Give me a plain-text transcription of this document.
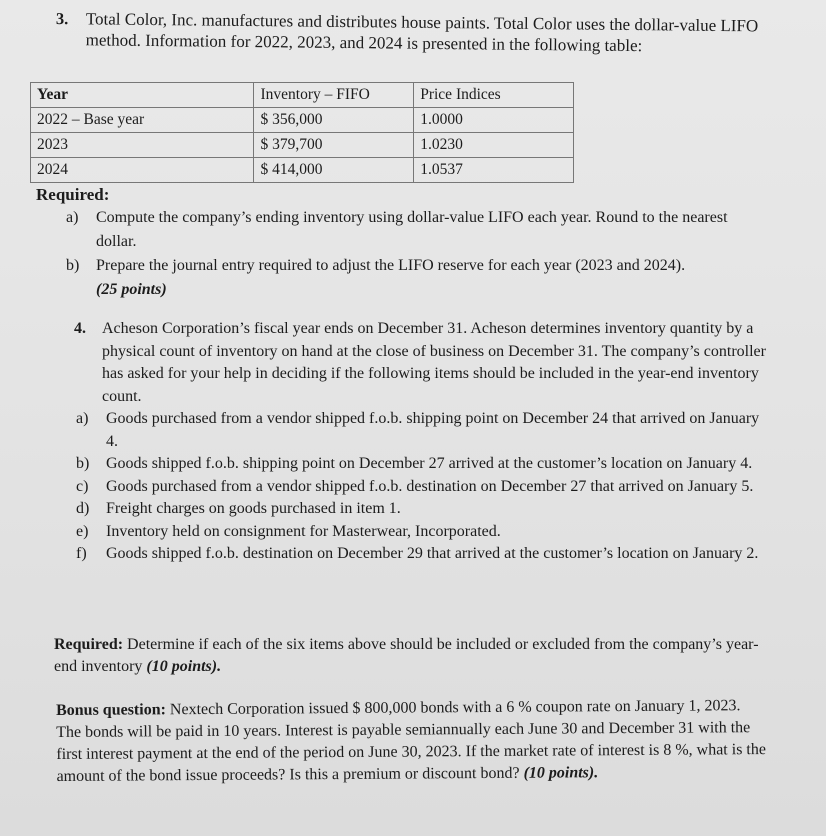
3. Total Color, Inc. manufactures and distributes house paints. Total Color uses the dollar-value LIFO method. Information for 2022, 2023, and 2024 is presented in the following table:
Year	Inventory – FIFO	Price Indices
2022 – Base year	$ 356,000	1.0000
2023	$ 379,700	1.0230
2024	$ 414,000	1.0537
Required:
a) Compute the company’s ending inventory using dollar-value LIFO each year. Round to the nearest dollar.
b) Prepare the journal entry required to adjust the LIFO reserve for each year (2023 and 2024).
(25 points)
4. Acheson Corporation’s fiscal year ends on December 31. Acheson determines inventory quantity by a physical count of inventory on hand at the close of business on December 31. The company’s controller has asked for your help in deciding if the following items should be included in the year-end inventory count.
a) Goods purchased from a vendor shipped f.o.b. shipping point on December 24 that arrived on January 4.
b) Goods shipped f.o.b. shipping point on December 27 arrived at the customer’s location on January 4.
c) Goods purchased from a vendor shipped f.o.b. destination on December 27 that arrived on January 5.
d) Freight charges on goods purchased in item 1.
e) Inventory held on consignment for Masterwear, Incorporated.
f) Goods shipped f.o.b. destination on December 29 that arrived at the customer’s location on January 2.
Required: Determine if each of the six items above should be included or excluded from the company’s year-end inventory (10 points).
Bonus question: Nextech Corporation issued $ 800,000 bonds with a 6 % coupon rate on January 1, 2023. The bonds will be paid in 10 years. Interest is payable semiannually each June 30 and December 31 with the first interest payment at the end of the period on June 30, 2023. If the market rate of interest is 8 %, what is the amount of the bond issue proceeds? Is this a premium or discount bond? (10 points).
